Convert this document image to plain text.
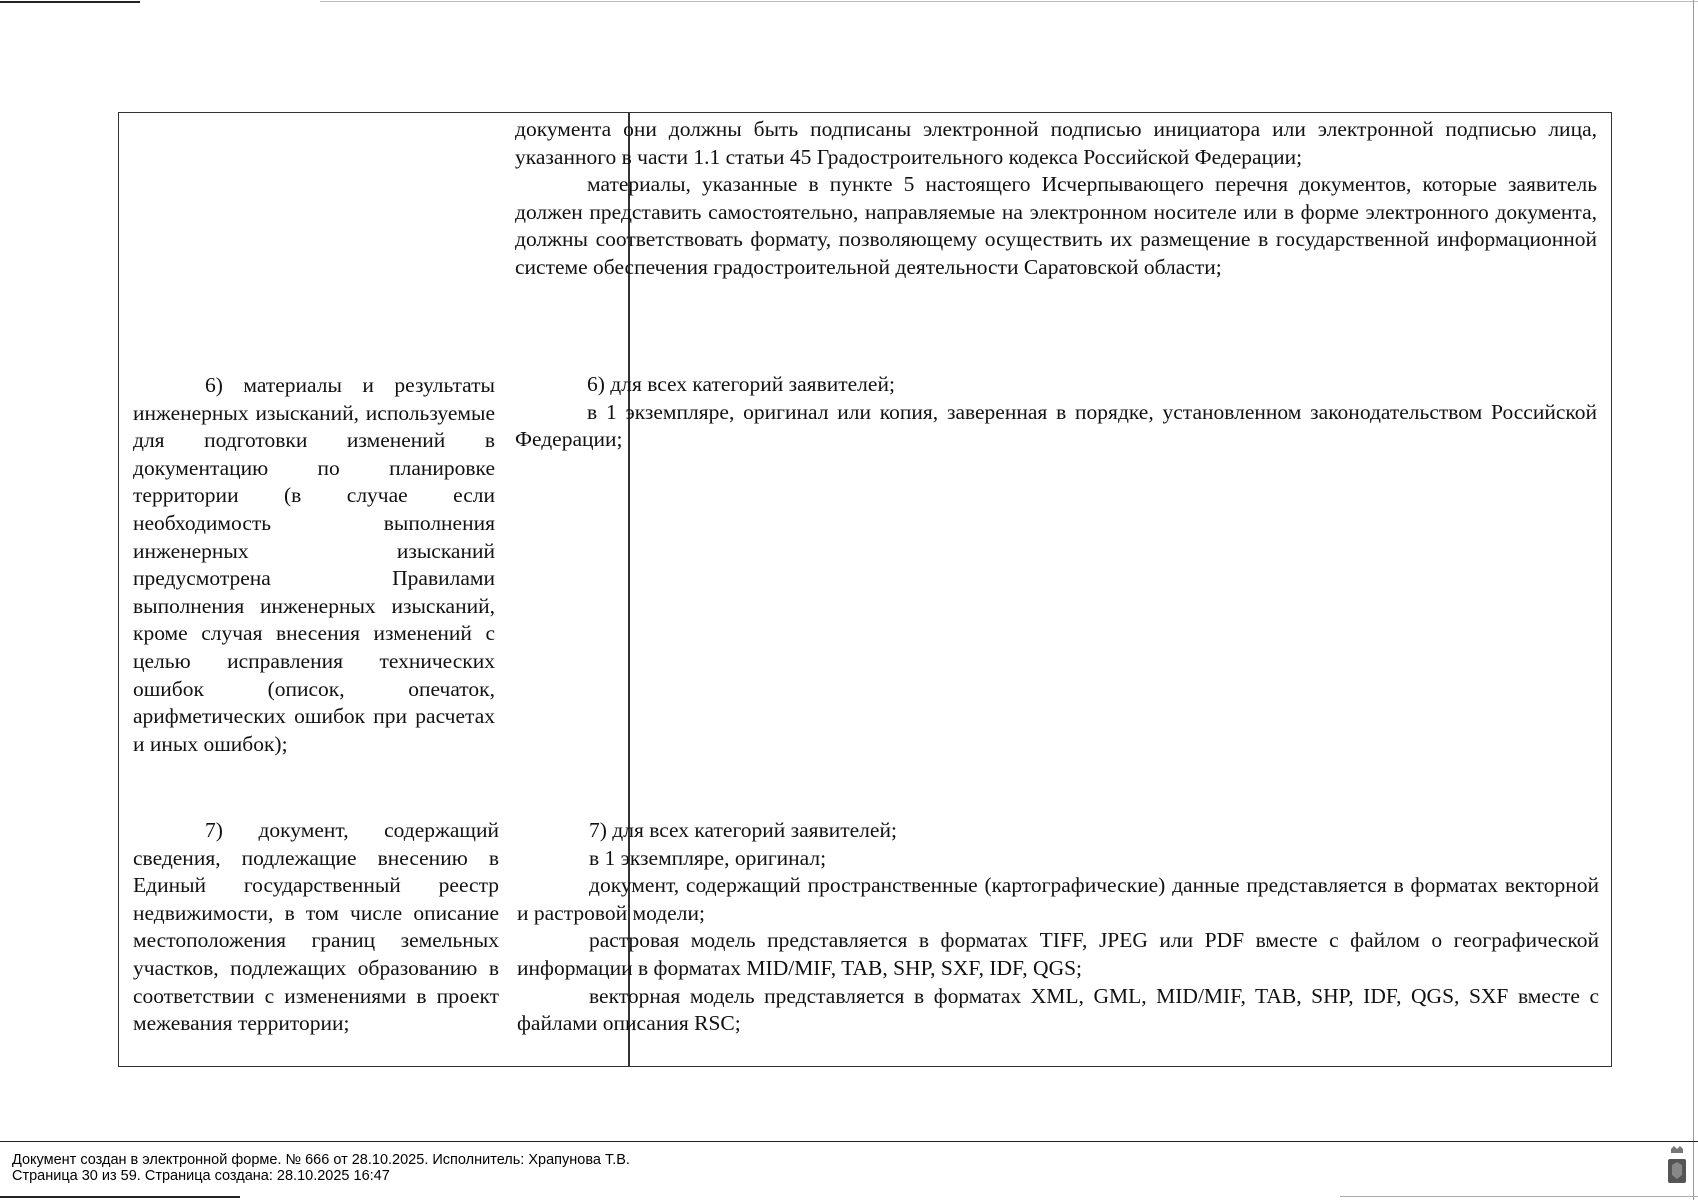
документа они должны быть подписаны электронной подписью инициатора или электронной подписью лица, указанного в части 1.1 статьи 45 Градостроительного кодекса Российской Федерации;

материалы, указанные в пункте 5 настоящего Исчерпывающего перечня документов, которые заявитель должен представить самостоятельно, направляемые на электронном носителе или в форме электронного документа, должны соответствовать формату, позволяющему осуществить их размещение в государственной информационной системе обеспечения градостроительной деятельности Саратовской области;

6) материалы и результаты инженерных изысканий, используемые для подготовки изменений в документацию по планировке территории (в случае если необходимость выполнения инженерных изысканий предусмотрена Правилами выполнения инженерных изысканий, кроме случая внесения изменений с целью исправления технических ошибок (описок, опечаток, арифметических ошибок при расчетах и иных ошибок);

6) для всех категорий заявителей;

в 1 экземпляре, оригинал или копия, заверенная в порядке, установленном законодательством Российской Федерации;

7) документ, содержащий сведения, подлежащие внесению в Единый государственный реестр недвижимости, в том числе описание местоположения границ земельных участков, подлежащих образованию в соответствии с изменениями в проект межевания территории;

7) для всех категорий заявителей;

в 1 экземпляре, оригинал;

документ, содержащий пространственные (картографические) данные представляется в форматах векторной и растровой модели;

растровая модель представляется в форматах TIFF, JPEG или PDF вместе с файлом о географической информации в форматах MID/MIF, TAB, SHP, SXF, IDF, QGS;

векторная модель представляется в форматах XML, GML, MID/MIF, TAB, SHP, IDF, QGS, SXF вместе с файлами описания RSC;

Документ создан в электронной форме. № 666 от 28.10.2025. Исполнитель: Храпунова Т.В.
Страница 30 из 59. Страница создана: 28.10.2025 16:47
